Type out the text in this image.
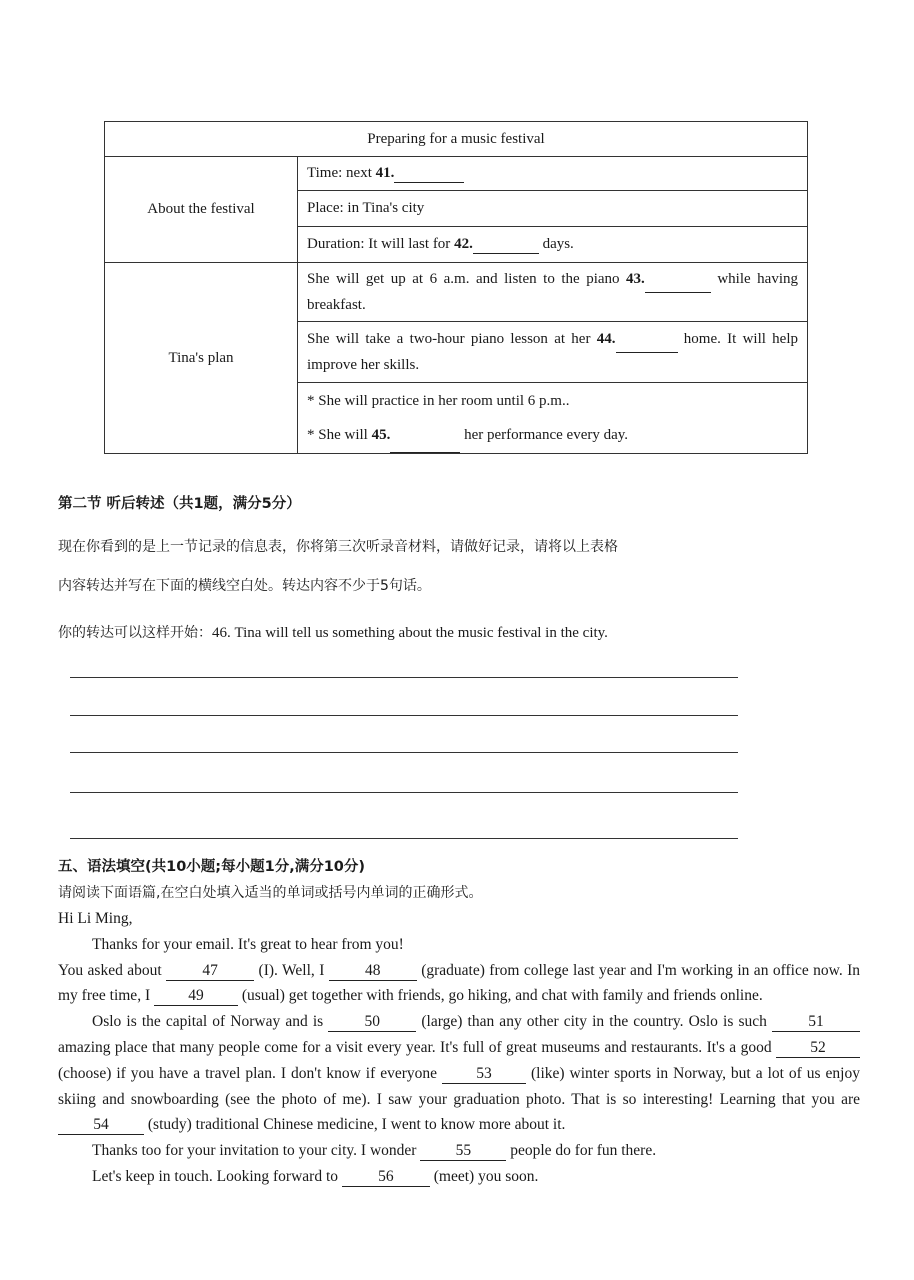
Preparing for a music festival	
About the festival	Time: next 41.
	Place: in Tina's city
	Duration: It will last for 42. days.
Tina's plan	She will get up at 6 a.m. and listen to the piano 43. while having breakfast.
	She will take a two-hour piano lesson at her 44. home. It will help improve her skills.

	* She will practice in her room until 6 p.m..
* She will 45. her performance every day.
第二节 听后转述（共1题，满分5分）
现在你看到的是上一节记录的信息表，你将第三次听录音材料，请做好记录，请将以上表格
内容转达并写在下面的横线空白处。转达内容不少于5句话。
你的转达可以这样开始：46. Tina will tell us something about the music festival in the city.
五、语法填空(共10小题;每小题1分,满分10分)
请阅读下面语篇,在空白处填入适当的单词或括号内单词的正确形式。

Hi Li Ming,

Thanks for your email. It's great to hear from you!

You asked about 47 (I). Well, I 48 (graduate) from college last year and I'm working in an office now. In my free time, I 49 (usual) get together with friends, go hiking, and chat with family and friends online.

Oslo is the capital of Norway and is 50 (large) than any other city in the country. Oslo is such 51 amazing place that many people come for a visit every year. It's full of great museums and restaurants. It's a good 52 (choose) if you have a travel plan. I don't know if everyone 53 (like) winter sports in Norway, but a lot of us enjoy skiing and snowboarding (see the photo of me). I saw your graduation photo. That is so interesting! Learning that you are 54 (study) traditional Chinese medicine, I went to know more about it.

Thanks too for your invitation to your city. I wonder 55 people do for fun there.

Let's keep in touch. Looking forward to 56 (meet) you soon.
